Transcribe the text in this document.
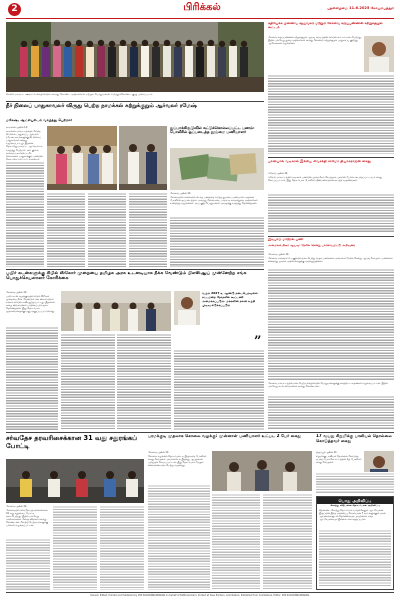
2	பிரிக்கல்	புதன்கிழமை 11.6.2025 கோயம்புத்தூர்
நீலகிரி மாவட்ட ஊராட்சி நிகழ்ச்சியில் கலந்து கொண்ட அதிகாரிகள் மற்றும் பொதுமக்கள் எடுத்துக்கொண்ட குழு புகைப்படம்.
கதிரியக்க பிணைவு ஆய்வகம் மற்றும் கோவை கருப்பண்ணன் சுற்றுச்சூழல் கூட்டம்
கோவை கருப்பண்ணன் சுற்றுச்சூழல் ஆய்வு மையத்தின் சார்பில் கூட்டம் நடைபெற்றது. இதில் பல்வேறு துறை அதிகாரிகள் கலந்து கொண்டு சுற்றுச்சூழல் பாதுகாப்பு குறித்து ஆலோசனை வழங்கினர்.
நீர் நிலைப் பாதுகாவலர் விருது பெற்ற நாமக்கல் கற்றுக்குறும் ஆர்வலர் ரமேஷ்
மகேஷ், ஆட்சியரிடம் வாழ்த்து பெற்றார்
நாமக்கல், ஜூன் 11:
நாமக்கல் மாவட்டத்தைச் சேர்ந்த நீர் நிலை பாதுகாப்பு ஆர்வலர் ரமேஷ் அவர்களுக்கு நீர் நிலைப் பாதுகாவலர் விருது வழங்கப்பட்டது. இதனை தொடர்ந்து மாவட்ட ஆட்சியரிடம் வாழ்த்து பெற்றார். ஏரி, குளம், கால்வாய் உள்ளிட்ட நீர் நிலைகளை பாதுகாக்கும் பணியில் தொடர்ந்து ஈடுபட்டு வருகிறார்.
துப்பாக்கிசூடுவில் சுட்டுக்கொல்லப்பட்ட பணம்: போலீசில் ஒப்படைத்த தூய்மை பணியாளர்
கோவை, ஜூன் 11:
கோவையில் சாலையில் கிடந்த பணத்தை எடுத்த தூய்மை பணியாளர் அதனை போலீசில் ஒப்படைத்தார். அவரது நேர்மையை பாராட்டி காவல்துறை அதிகாரிகள் சான்றிதழ் வழங்கினர். அப்பகுதி பொதுமக்கள் அவருக்கு வாழ்த்து தெரிவித்தனர்.
பாவிபால் வடிகால் இக்கிய சிவசக்தி சாரிமா தியாகராஜன் கைது
ஈரோடு, ஜூன் 11:
ஈரோடு மாவட்டத்தில் வடிகால் பணியில் முறைகேடு செய்ததாக புகாரின் பேரில் சம்பந்தப்பட்ட நபர் கைது செய்யப்பட்டார். இது தொடர்பாக போலீசார் தீவிர விசாரணை நடத்தி வருகின்றனர்.
இடிபாடு மாற்றல் பணி
அமைச்சர் திடீர் ஆய்வு: நேரில் சென்று பார்வையிட்டு அறிவுரை
கோவை, ஜூன் 11:
கோவை மாநகராட்சி பகுதியில் நடைபெற்று வரும் பணிகளை அமைச்சர் நேரில் சென்று ஆய்வு செய்தார். பணிகளை விரைந்து முடிக்க அதிகாரிகளுக்கு அறிவுறுத்தினார்.
பயிர் கடன்களுக்கு சிபில் ஸ்கோர் முறையை தமிழக அரசு உடனடியாக நீக்க வேண்டும் பிஎஸ்ஆய் முன்னேற்ற சங்க பொதுச்செயலாளர் கோரிக்கை
கோவை, ஜூன் 11:
பயிர் கடன் வழங்குவதில் சிபில் ஸ்கோர் முறையை நீக்க வேண்டும் என விவசாயிகள் சங்கம் சார்பில் வலியுறுத்தப்பட்டது. இதனால் ஏழை விவசாயிகள் பாதிக்கப்படுவதாக தெரிவித்தனர். இது தொடர்பாக முதலமைச்சருக்கு மனு அனுப்பப்பட்டுள்ளது.
வரும் 2027 உ ஆண்டு நடைபெறவுள்ள சட்டமன்ற தேர்தலில் கூட்டணி அமைக்கப்படும். மக்களின் நலன் கருதி முடிவு எடுக்கப்படும்
”
கோவை மாவட்டத்தில் நடைபெற்ற நிகழ்ச்சியில் பொதுமக்களுக்கு நலத்திட்ட உதவிகள் வழங்கப்பட்டன. இதில் பல்வேறு கட்சி நிர்வாகிகள் கலந்து கொண்டனர்.
சர்வதேச தரவரிசைக்கான 31 வது சதுரங்கப் போட்டி
கோவை, ஜூன் 11:
கோவையில் சர்வதேச தரவரிசைக்கான 31 வது சதுரங்கப் போட்டி நடைபெற்றது. இதில் பல்வேறு மாநிலங்களை சேர்ந்த வீரர்கள் கலந்து கொண்டனர். வெற்றி பெற்றவர்களுக்கு பரிசுகள் வழங்கப்பட்டன.
பரமக்குடி முதலாக கொலை வழக்கு: முன்னாள் பணியாளர் உட்பட 2 பேர் கைது
கோவை, ஜூன் 11:
கொலை வழக்கில் தொடர்புடைய இருவரை போலீசார் கைது செய்தனர். அவர்களிடம் இருந்து ஆயுதங்கள் பறிமுதல் செய்யப்பட்டன. இது தொடர்பாக மேலும் விசாரணை நடைபெற்று வருகிறது.
17 வயது சிறுமிக்கு பாலியல் தொல்லை கொடுத்தவர் கைது
திருப்பூர், ஜூன் 11:
சிறுமிக்கு பாலியல் தொல்லை கொடுத்த நபரை போக்சோ சட்டத்தின் கீழ் போலீசார் கைது செய்தனர்.
பொது அறிவிப்பு
சொத்து விற்பனை தொடர்பான அறிவிப்பு
கீழ்க்கண்ட சொத்து தொடர்பாக யாருக்கேனும் ஆட்சேபனை இருப்பின் இந்த அறிவிப்பு வெளியான 7 நாட்களுக்குள் அசல் ஆவணங்களுடன் தெரிவிக்கவும். தவறினால் எந்த ஆட்சேபனையும் இல்லை என கருதப்படும்.
Owned, Edited, Printed and Published by M.B.SIVASUBRAMANIAN on behalf of Pattimandram, Printed at Sree Printers, Coimbatore. Published from Coimbatore. Editor: M.B.SIVASUBRAMANIAN.
